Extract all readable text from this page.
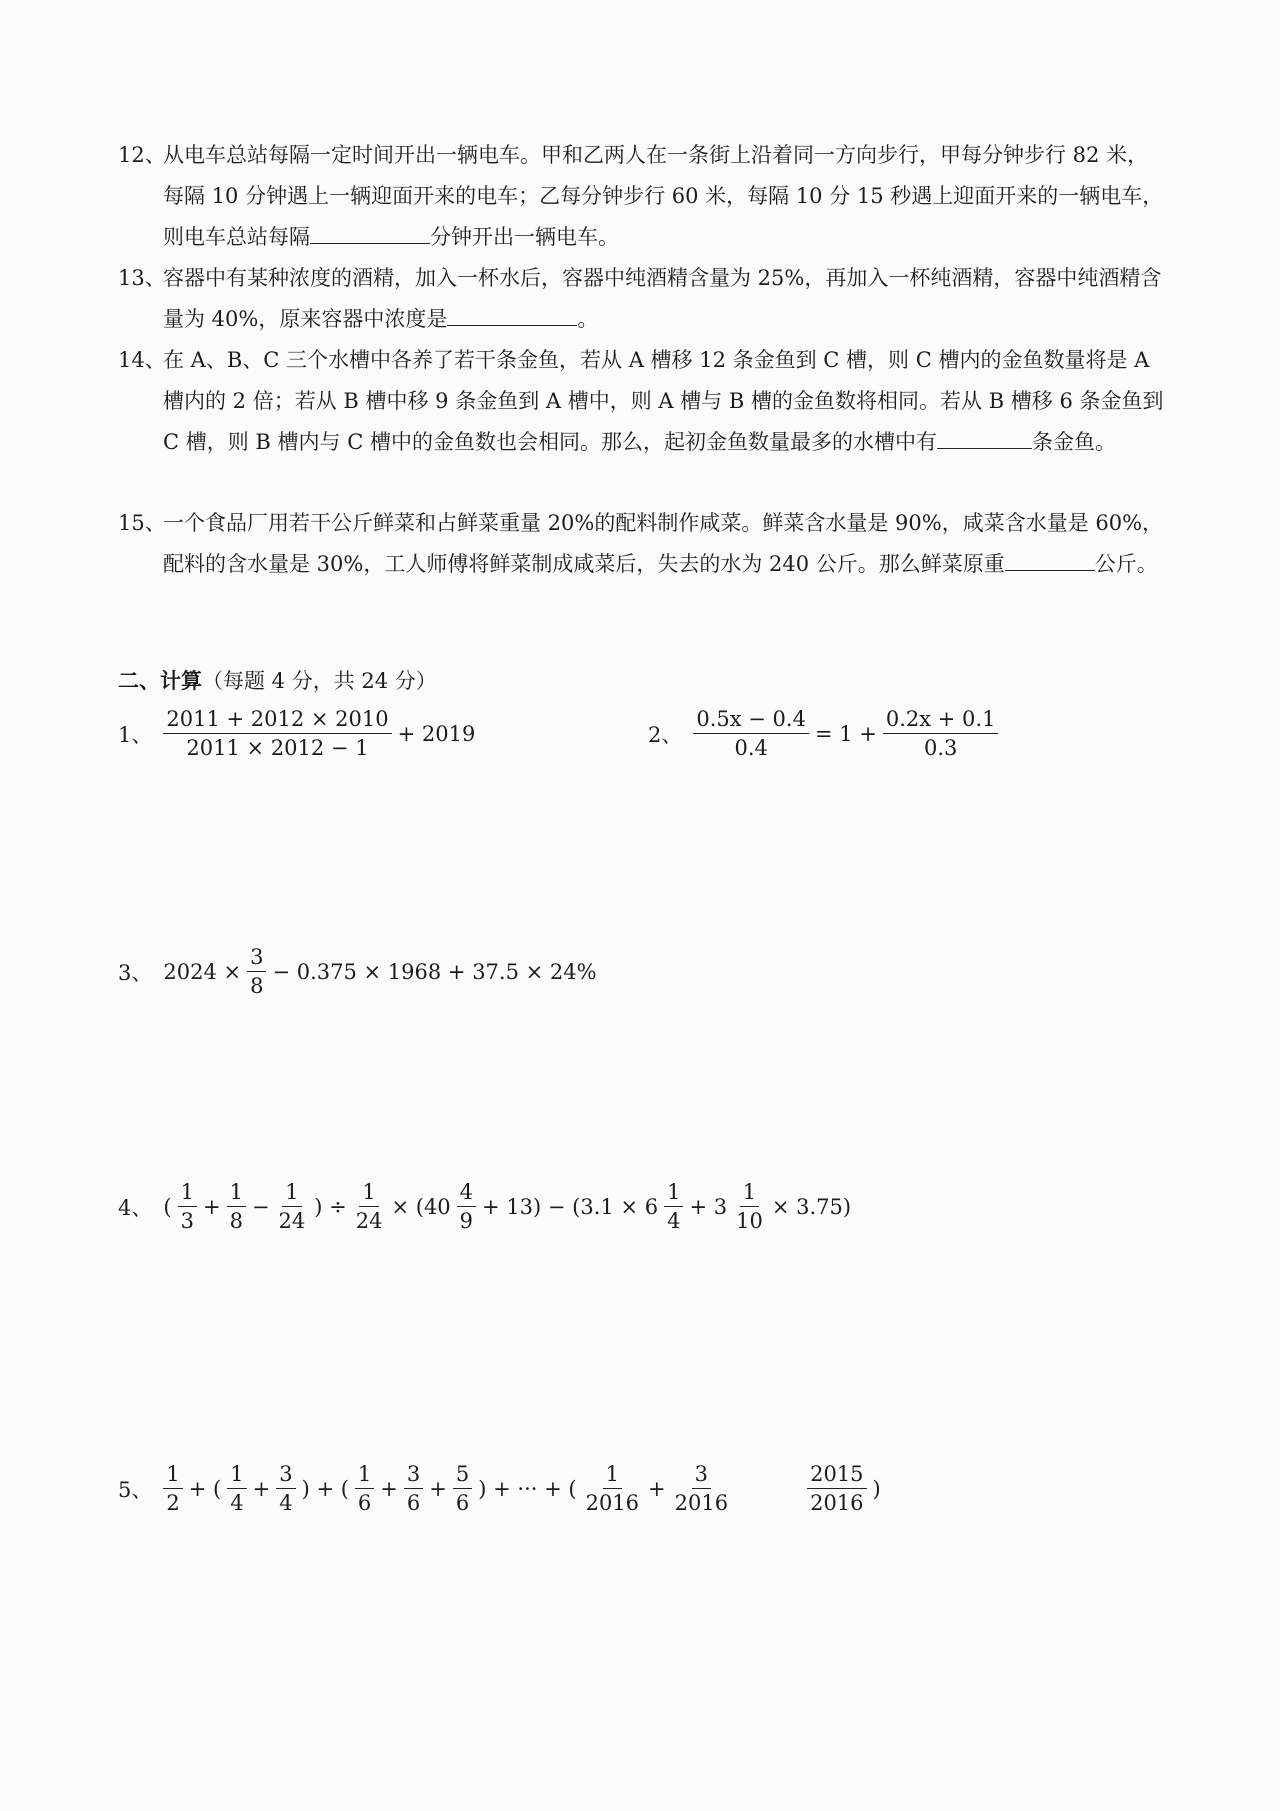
12、
从电车总站每隔一定时间开出一辆电车。甲和乙两人在一条街上沿着同一方向步行，甲每分钟步行 82 米，每隔 10 分钟遇上一辆迎面开来的电车；乙每分钟步行 60 米，每隔 10 分 15 秒遇上迎面开来的一辆电车，则电车总站每隔	分钟开出一辆电车。
13、
容器中有某种浓度的酒精，加入一杯水后，容器中纯酒精含量为 25%，再加入一杯纯酒精，容器中纯酒精含量为 40%，原来容器中浓度是	。
14、
在 A、B、C 三个水槽中各养了若干条金鱼，若从 A 槽移 12 条金鱼到 C 槽，则 C 槽内的金鱼数量将是 A 槽内的 2 倍；若从 B 槽中移 9 条金鱼到 A 槽中，则 A 槽与 B 槽的金鱼数将相同。若从 B 槽移 6 条金鱼到 C 槽，则 B 槽内与 C 槽中的金鱼数也会相同。那么，起初金鱼数量最多的水槽中有	条金鱼。
15、
一个食品厂用若干公斤鲜菜和占鲜菜重量 20%的配料制作咸菜。鲜菜含水量是 90%，咸菜含水量是 60%，配料的含水量是 30%，工人师傅将鲜菜制成咸菜后，失去的水为 240 公斤。那么鲜菜原重	公斤。
二、计算（每题 4 分，共 24 分）
1、 $\frac{2011 + 2012 \times 2010}{2011 \times 2012 - 1} + 2019$	2、 $\frac{0.5x - 0.4}{0.4} = 1 + \frac{0.2x + 0.1}{0.3}$
3、 $2024 \times \frac{3}{8} - 0.375 \times 1968 + 37.5 \times 24\%$
4、 ( $\frac{1}{3} + \frac{1}{8} - \frac{1}{24}$ ) ÷ $\frac{1}{24} \times (40 \frac{4}{9} + 13) - (3.1 \times 6 \frac{1}{4} + 3 \frac{1}{10} \times 3.75)$
5、 $\frac{1}{2}$ + ( $\frac{1}{4} + \frac{3}{4}$ ) + ( $\frac{1}{6} + \frac{3}{6} + \frac{5}{6}$ ) + ··· + ( $\frac{1}{2016} + \frac{3}{2016}$	$\frac{2015}{2016}$ )
